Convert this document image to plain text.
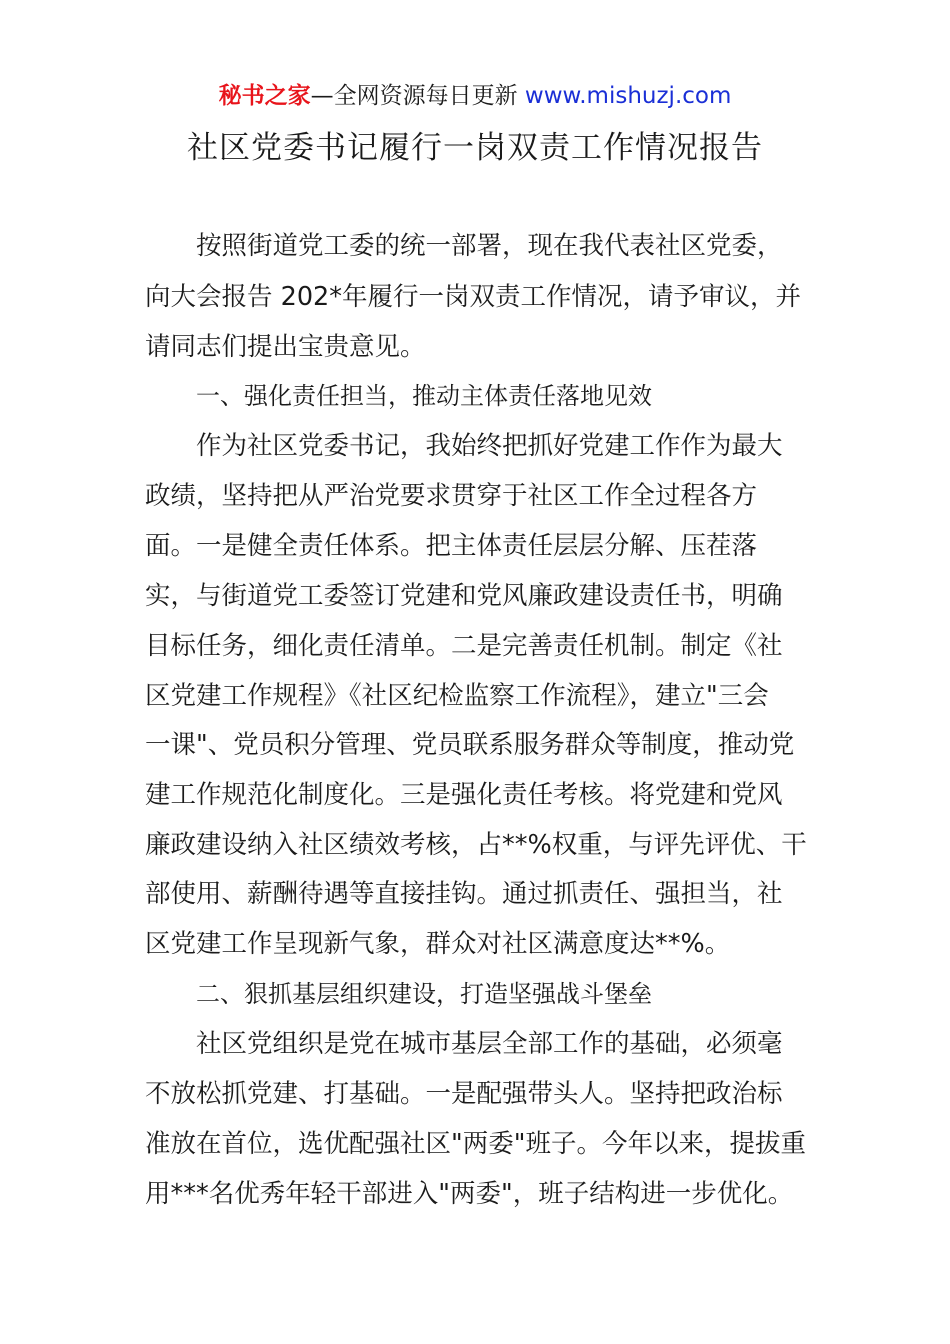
秘书之家—全网资源每日更新 www.mishuzj.com
社区党委书记履行一岗双责工作情况报告
按照街道党工委的统一部署，现在我代表社区党委，
向大会报告 202*年履行一岗双责工作情况，请予审议，并
请同志们提出宝贵意见。
一、强化责任担当，推动主体责任落地见效
作为社区党委书记，我始终把抓好党建工作作为最大
政绩，坚持把从严治党要求贯穿于社区工作全过程各方
面。一是健全责任体系。把主体责任层层分解、压茬落
实，与街道党工委签订党建和党风廉政建设责任书，明确
目标任务，细化责任清单。二是完善责任机制。制定《社
区党建工作规程》《社区纪检监察工作流程》，建立"三会
一课"、党员积分管理、党员联系服务群众等制度，推动党
建工作规范化制度化。三是强化责任考核。将党建和党风
廉政建设纳入社区绩效考核，占**%权重，与评先评优、干
部使用、薪酬待遇等直接挂钩。通过抓责任、强担当，社
区党建工作呈现新气象，群众对社区满意度达**%。
二、狠抓基层组织建设，打造坚强战斗堡垒
社区党组织是党在城市基层全部工作的基础，必须毫
不放松抓党建、打基础。一是配强带头人。坚持把政治标
准放在首位，选优配强社区"两委"班子。今年以来，提拔重
用***名优秀年轻干部进入"两委"，班子结构进一步优化。
